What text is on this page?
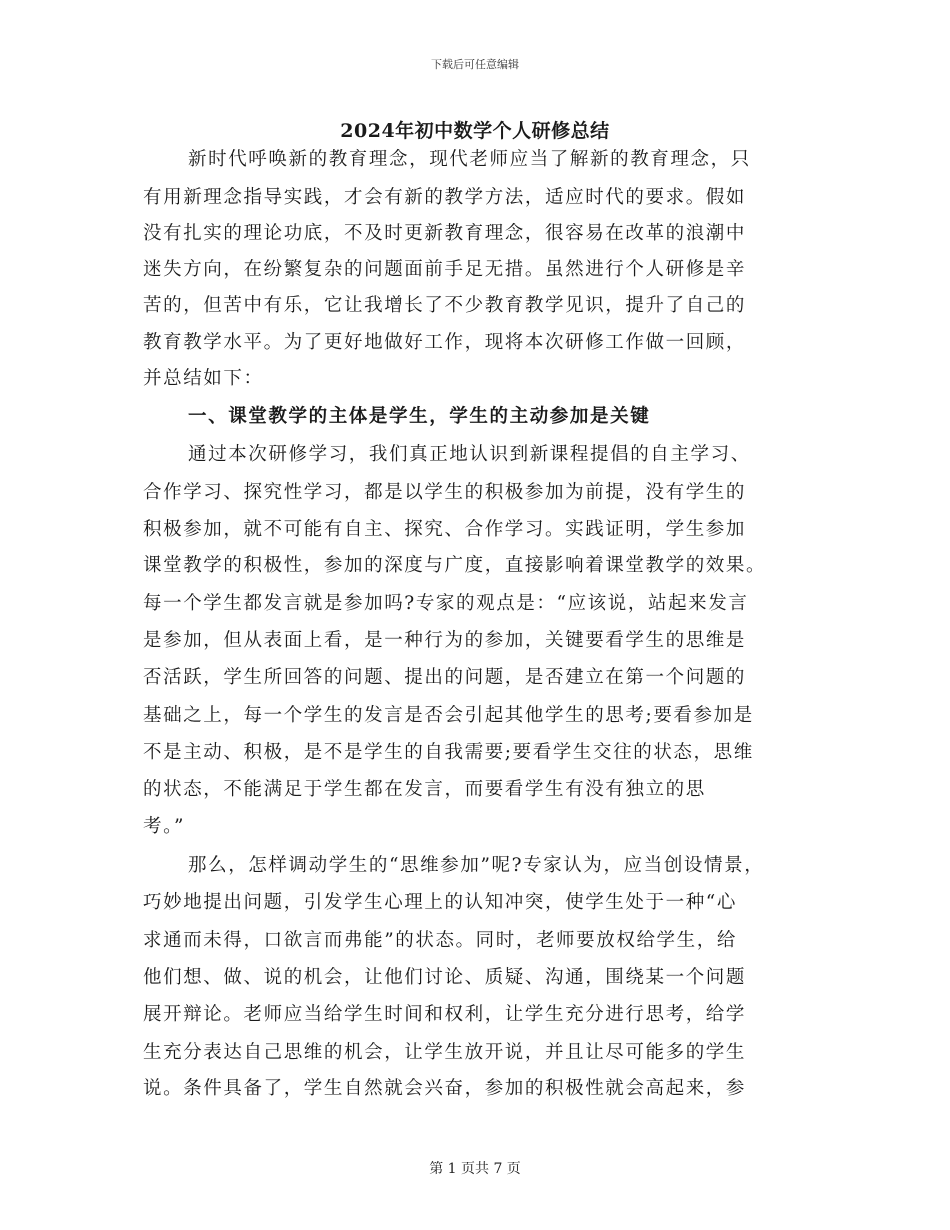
下载后可任意编辑
2024年初中数学个人研修总结
新时代呼唤新的教育理念，现代老师应当了解新的教育理念，只
有用新理念指导实践，才会有新的教学方法，适应时代的要求。假如
没有扎实的理论功底，不及时更新教育理念，很容易在改革的浪潮中
迷失方向，在纷繁复杂的问题面前手足无措。虽然进行个人研修是辛
苦的，但苦中有乐，它让我增长了不少教育教学见识，提升了自己的
教育教学水平。为了更好地做好工作，现将本次研修工作做一回顾，
并总结如下：
一、课堂教学的主体是学生，学生的主动参加是关键
通过本次研修学习，我们真正地认识到新课程提倡的自主学习、
合作学习、探究性学习，都是以学生的积极参加为前提，没有学生的
积极参加，就不可能有自主、探究、合作学习。实践证明，学生参加
课堂教学的积极性，参加的深度与广度，直接影响着课堂教学的效果。
每一个学生都发言就是参加吗?专家的观点是：“应该说，站起来发言
是参加，但从表面上看，是一种行为的参加，关键要看学生的思维是
否活跃，学生所回答的问题、提出的问题，是否建立在第一个问题的
基础之上，每一个学生的发言是否会引起其他学生的思考;要看参加是
不是主动、积极，是不是学生的自我需要;要看学生交往的状态，思维
的状态，不能满足于学生都在发言，而要看学生有没有独立的思
考。”
那么，怎样调动学生的“思维参加”呢?专家认为，应当创设情景，
巧妙地提出问题，引发学生心理上的认知冲突，使学生处于一种“心
求通而未得，口欲言而弗能”的状态。同时，老师要放权给学生，给
他们想、做、说的机会，让他们讨论、质疑、沟通，围绕某一个问题
展开辩论。老师应当给学生时间和权利，让学生充分进行思考，给学
生充分表达自己思维的机会，让学生放开说，并且让尽可能多的学生
说。条件具备了，学生自然就会兴奋，参加的积极性就会高起来，参
第 1 页共 7 页
